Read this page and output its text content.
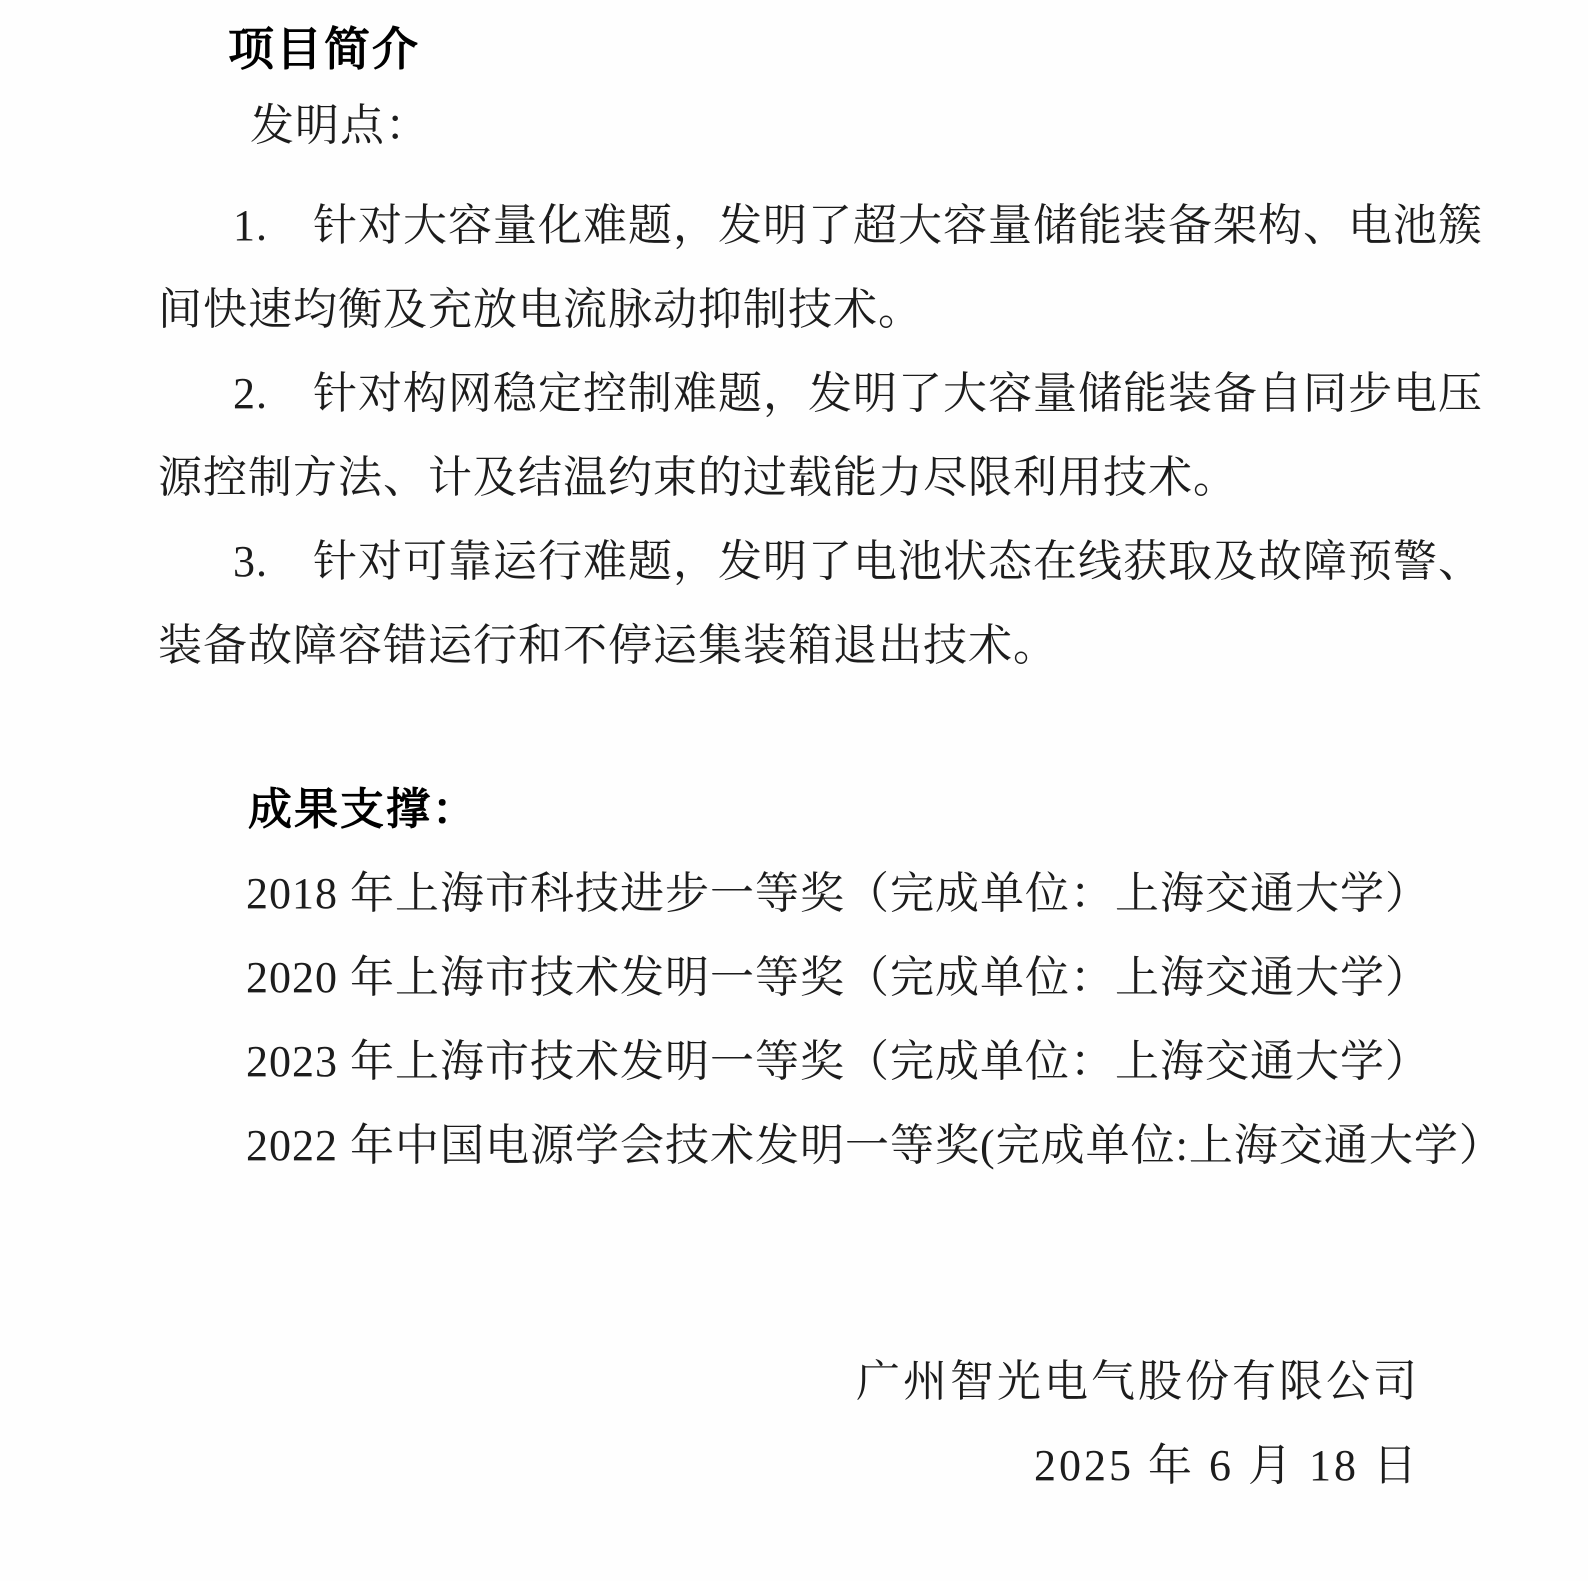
项目简介
发明点：
1.　针对大容量化难题，发明了超大容量储能装备架构、电池簇
间快速均衡及充放电流脉动抑制技术。
2.　针对构网稳定控制难题，发明了大容量储能装备自同步电压
源控制方法、计及结温约束的过载能力尽限利用技术。
3.　针对可靠运行难题，发明了电池状态在线获取及故障预警、
装备故障容错运行和不停运集装箱退出技术。
成果支撑：
2018 年上海市科技进步一等奖（完成单位：上海交通大学）
2020 年上海市技术发明一等奖（完成单位：上海交通大学）
2023 年上海市技术发明一等奖（完成单位：上海交通大学）
2022 年中国电源学会技术发明一等奖(完成单位:上海交通大学）
广州智光电气股份有限公司
2025 年 6 月 18 日
